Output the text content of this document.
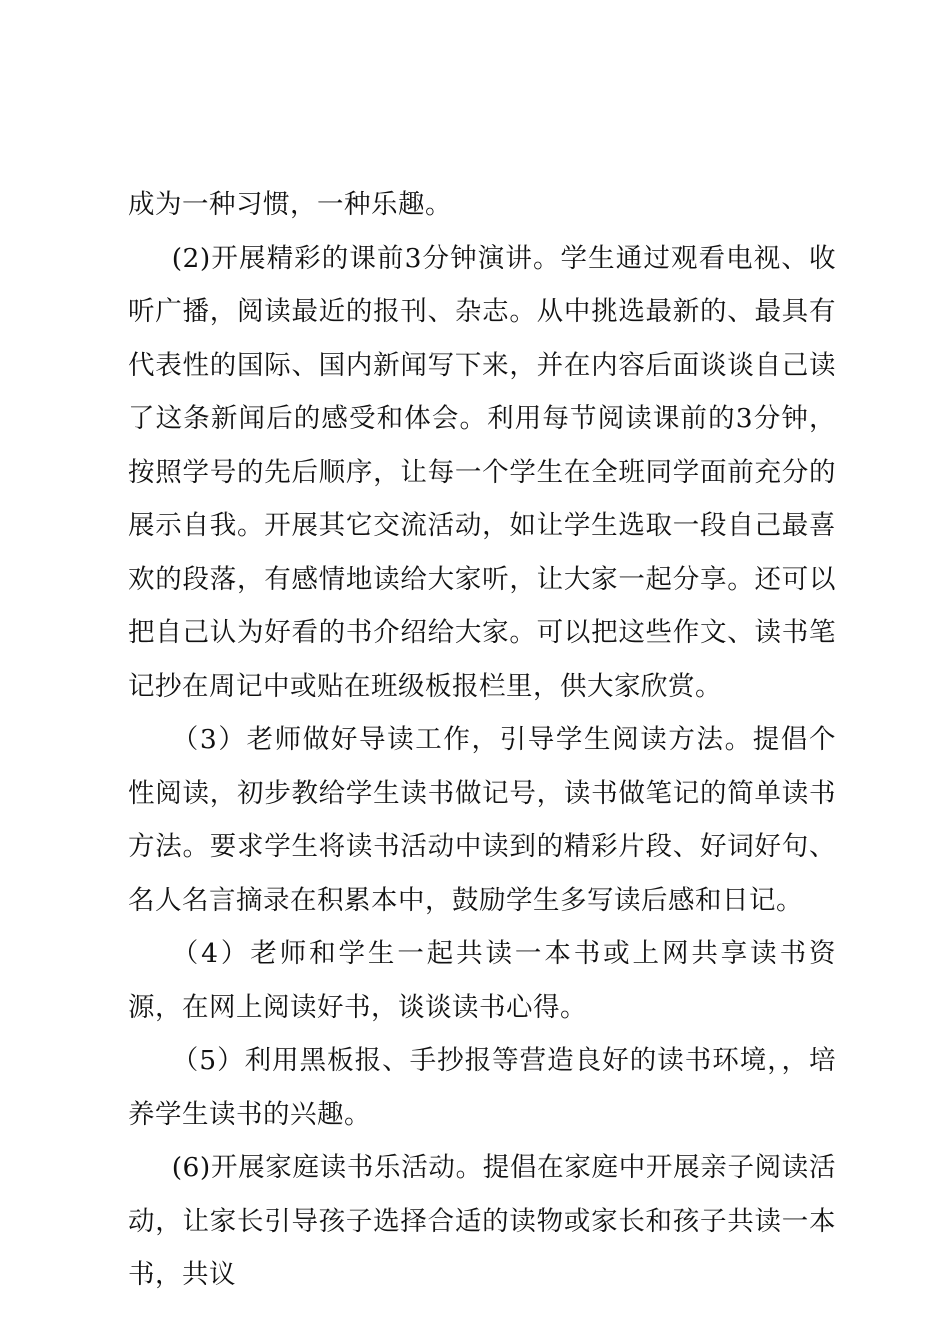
成为一种习惯，一种乐趣。

(2)开展精彩的课前3分钟演讲。学生通过观看电视、收听广播，阅读最近的报刊、杂志。从中挑选最新的、最具有代表性的国际、国内新闻写下来，并在内容后面谈谈自己读了这条新闻后的感受和体会。利用每节阅读课前的3分钟，按照学号的先后顺序，让每一个学生在全班同学面前充分的展示自我。开展其它交流活动，如让学生选取一段自己最喜欢的段落，有感情地读给大家听，让大家一起分享。还可以把自己认为好看的书介绍给大家。可以把这些作文、读书笔记抄在周记中或贴在班级板报栏里，供大家欣赏。

（3）老师做好导读工作，引导学生阅读方法。提倡个性阅读，初步教给学生读书做记号，读书做笔记的简单读书方法。要求学生将读书活动中读到的精彩片段、好词好句、名人名言摘录在积累本中，鼓励学生多写读后感和日记。

（4）老师和学生一起共读一本书或上网共享读书资源，在网上阅读好书，谈谈读书心得。

（5）利用黑板报、手抄报等营造良好的读书环境，，培养学生读书的兴趣。

(6)开展家庭读书乐活动。提倡在家庭中开展亲子阅读活动，让家长引导孩子选择合适的读物或家长和孩子共读一本书，共议
